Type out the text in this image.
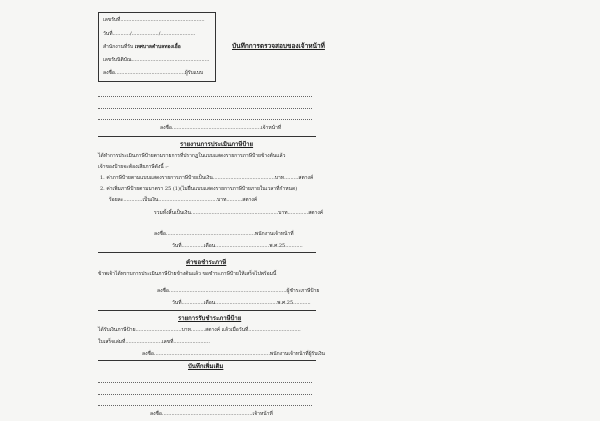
เลขรับที่.....................................................
วันที่.........../................./......................
สำนักงานที่รับ เทศบาลตำบลทองเอื้อ
เลขรับนิติบัณ.................................................
ลงชื่อ............................................ผู้รับแบบ
บันทึกการตรวจสอบของเจ้าหน้าที่
ลงชื่อ........................................................เจ้าหน้าที่
รายงานการประเมินภาษีป้าย
ได้ทำการประเมินภาษีป้ายตามรายการที่ปรากฏในแบบแสดงรายการภาษีป้ายข้างต้นแล้ว
เจ้าของป้ายจะต้องเสียภาษีดังนี้ :-
1. ค่าภาษีป้ายตามแบบแสดงรายการภาษีป้ายเป็นเงิน.......................................บาท.........สตางค์
2. ค่าเพิ่มภาษีป้ายตามมาตรา 25 (1)(ไม่ยื่นแบบแสดงรายการภาษีป้ายภายในเวลาที่กำหนด)
ร้อยละ............เป็นเงิน.....................................บาท..........สตางค์
รวมทั้งสิ้นเป็นเงิน.......................................................บาท.............สตางค์
ลงชื่อ........................................................พนักงานเจ้าหน้าที่
วันที่..............เดือน..................................พ.ศ.25...........
คำขอชำระภาษี
ข้าพเจ้าได้ทราบการประเมินภาษีป้ายข้างต้นแล้ว ขอชำระภาษีป้ายให้เสร็จไปพร้อมนี้
ลงชื่อ..........................................................................ผู้ชำระภาษีป้าย
วันที่..............เดือน.......................................พ.ศ.25...........
รายการรับชำระภาษีป้าย
ได้รับเงินภาษีป้าย.............................บาท.........สตางค์ แล้วเมื่อวันที่.................................
ใบเสร็จเล่มที่.......................เลขที่.......................
ลงชื่อ.........................................................................พนักงานเจ้าหน้าที่ผู้รับเงิน
บันทึกเพิ่มเติม
ลงชื่อ.........................................................เจ้าหน้าที่
